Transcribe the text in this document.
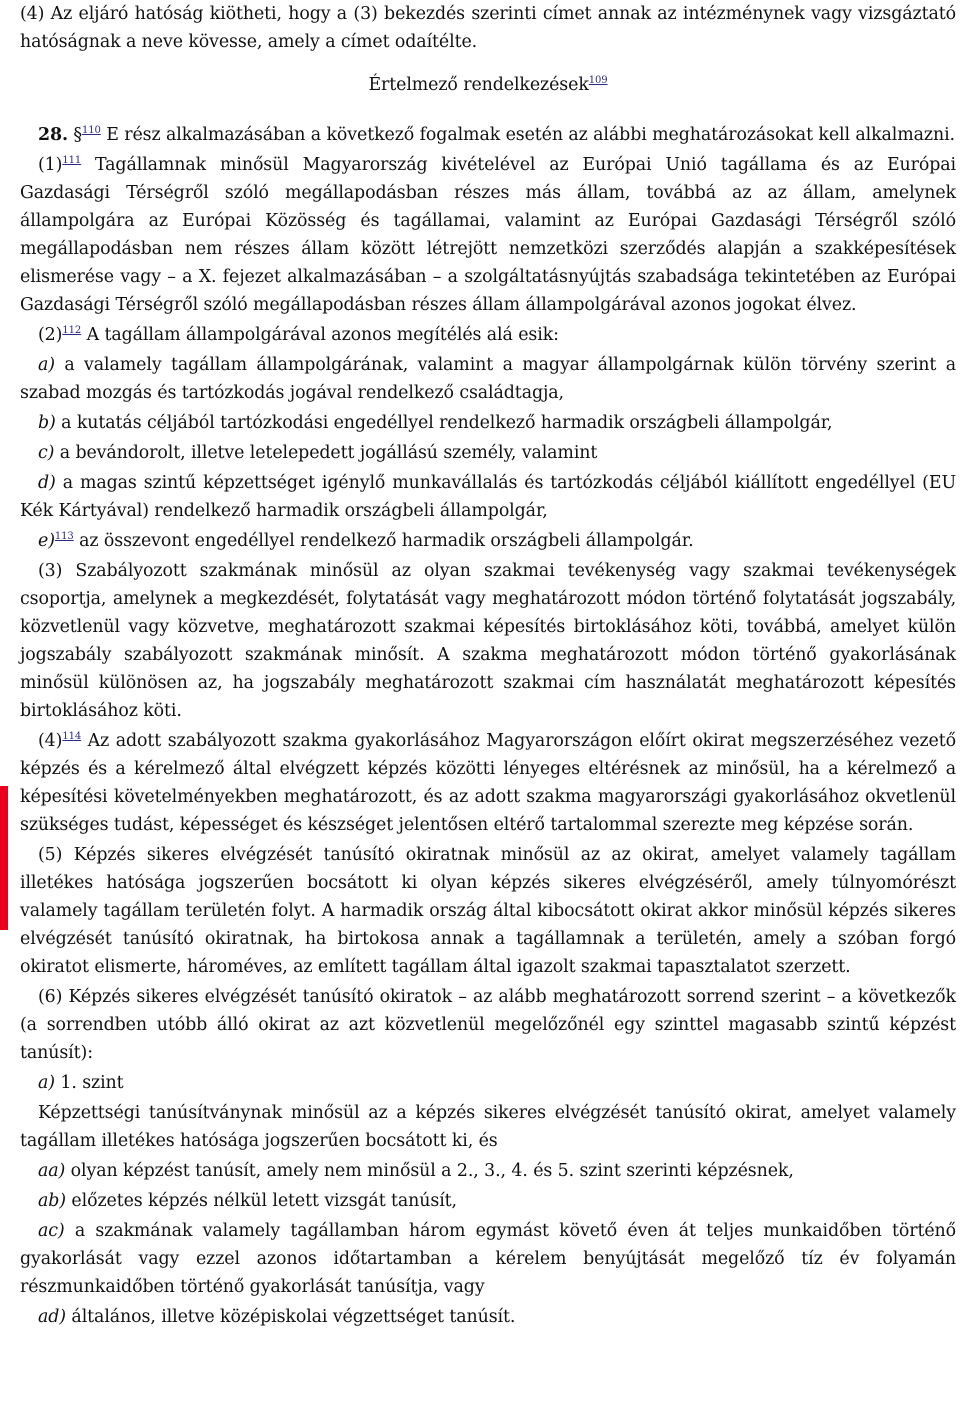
(4) Az eljáró hatóság kiötheti, hogy a (3) bekezdés szerinti címet annak az intézménynek vagy vizsgáztató hatóságnak a neve kövesse, amely a címet odaítélte.

Értelmező rendelkezések$^{109}$

28. §$^{110}$ E rész alkalmazásában a következő fogalmak esetén az alábbi meghatározásokat kell alkalmazni.

$(1)^{111}$ Tagállamnak minősül Magyarország kivételével az Európai Unió tagállama és az Európai Gazdasági Térségről szóló megállapodásban részes más állam, továbbá az az állam, amelynek állampolgára az Európai Közösség és tagállamai, valamint az Európai Gazdasági Térségről szóló megállapodásban nem részes állam között létrejött nemzetközi szerződés alapján a szakképesítések elismerése vagy – a X. fejezet alkalmazásában – a szolgáltatásnyújtás szabadsága tekintetében az Európai Gazdasági Térségről szóló megállapodásban részes állam állampolgárával azonos jogokat élvez.

$(2)^{112}$ A tagállam állampolgárával azonos megítélés alá esik:

a) a valamely tagállam állampolgárának, valamint a magyar állampolgárnak külön törvény szerint a szabad mozgás és tartózkodás jogával rendelkező családtagja,

b) a kutatás céljából tartózkodási engedéllyel rendelkező harmadik országbeli állampolgár,

c) a bevándorolt, illetve letelepedett jogállású személy, valamint

d) a magas szintű képzettséget igénylő munkavállalás és tartózkodás céljából kiállított engedéllyel (EU Kék Kártyával) rendelkező harmadik országbeli állampolgár,

e)$^{113}$ az összevont engedéllyel rendelkező harmadik országbeli állampolgár.

(3) Szabályozott szakmának minősül az olyan szakmai tevékenység vagy szakmai tevékenységek csoportja, amelynek a megkezdését, folytatását vagy meghatározott módon történő folytatását jogszabály, közvetlenül vagy közvetve, meghatározott szakmai képesítés birtoklásához köti, továbbá, amelyet külön jogszabály szabályozott szakmának minősít. A szakma meghatározott módon történő gyakorlásának minősül különösen az, ha jogszabály meghatározott szakmai cím használatát meghatározott képesítés birtoklásához köti.

$(4)^{114}$ Az adott szabályozott szakma gyakorlásához Magyarországon előírt okirat megszerzéséhez vezető képzés és a kérelmező által elvégzett képzés közötti lényeges eltérésnek az minősül, ha a kérelmező a képesítési követelményekben meghatározott, és az adott szakma magyarországi gyakorlásához okvetlenül szükséges tudást, képességet és készséget jelentősen eltérő tartalommal szerezte meg képzése során.

(5) Képzés sikeres elvégzését tanúsító okiratnak minősül az az okirat, amelyet valamely tagállam illetékes hatósága jogszerűen bocsátott ki olyan képzés sikeres elvégzéséről, amely túlnyomórészt valamely tagállam területén folyt. A harmadik ország által kibocsátott okirat akkor minősül képzés sikeres elvégzését tanúsító okiratnak, ha birtokosa annak a tagállamnak a területén, amely a szóban forgó okiratot elismerte, hároméves, az említett tagállam által igazolt szakmai tapasztalatot szerzett.

(6) Képzés sikeres elvégzését tanúsító okiratok – az alább meghatározott sorrend szerint – a következők (a sorrendben utóbb álló okirat az azt közvetlenül megelőzőnél egy szinttel magasabb szintű képzést tanúsít):

a) 1. szint

Képzettségi tanúsítványnak minősül az a képzés sikeres elvégzését tanúsító okirat, amelyet valamely tagállam illetékes hatósága jogszerűen bocsátott ki, és

aa) olyan képzést tanúsít, amely nem minősül a 2., 3., 4. és 5. szint szerinti képzésnek,

ab) előzetes képzés nélkül letett vizsgát tanúsít,

ac) a szakmának valamely tagállamban három egymást követő éven át teljes munkaidőben történő gyakorlását vagy ezzel azonos időtartamban a kérelem benyújtását megelőző tíz év folyamán részmunkaidőben történő gyakorlását tanúsítja, vagy

ad) általános, illetve középiskolai végzettséget tanúsít.
